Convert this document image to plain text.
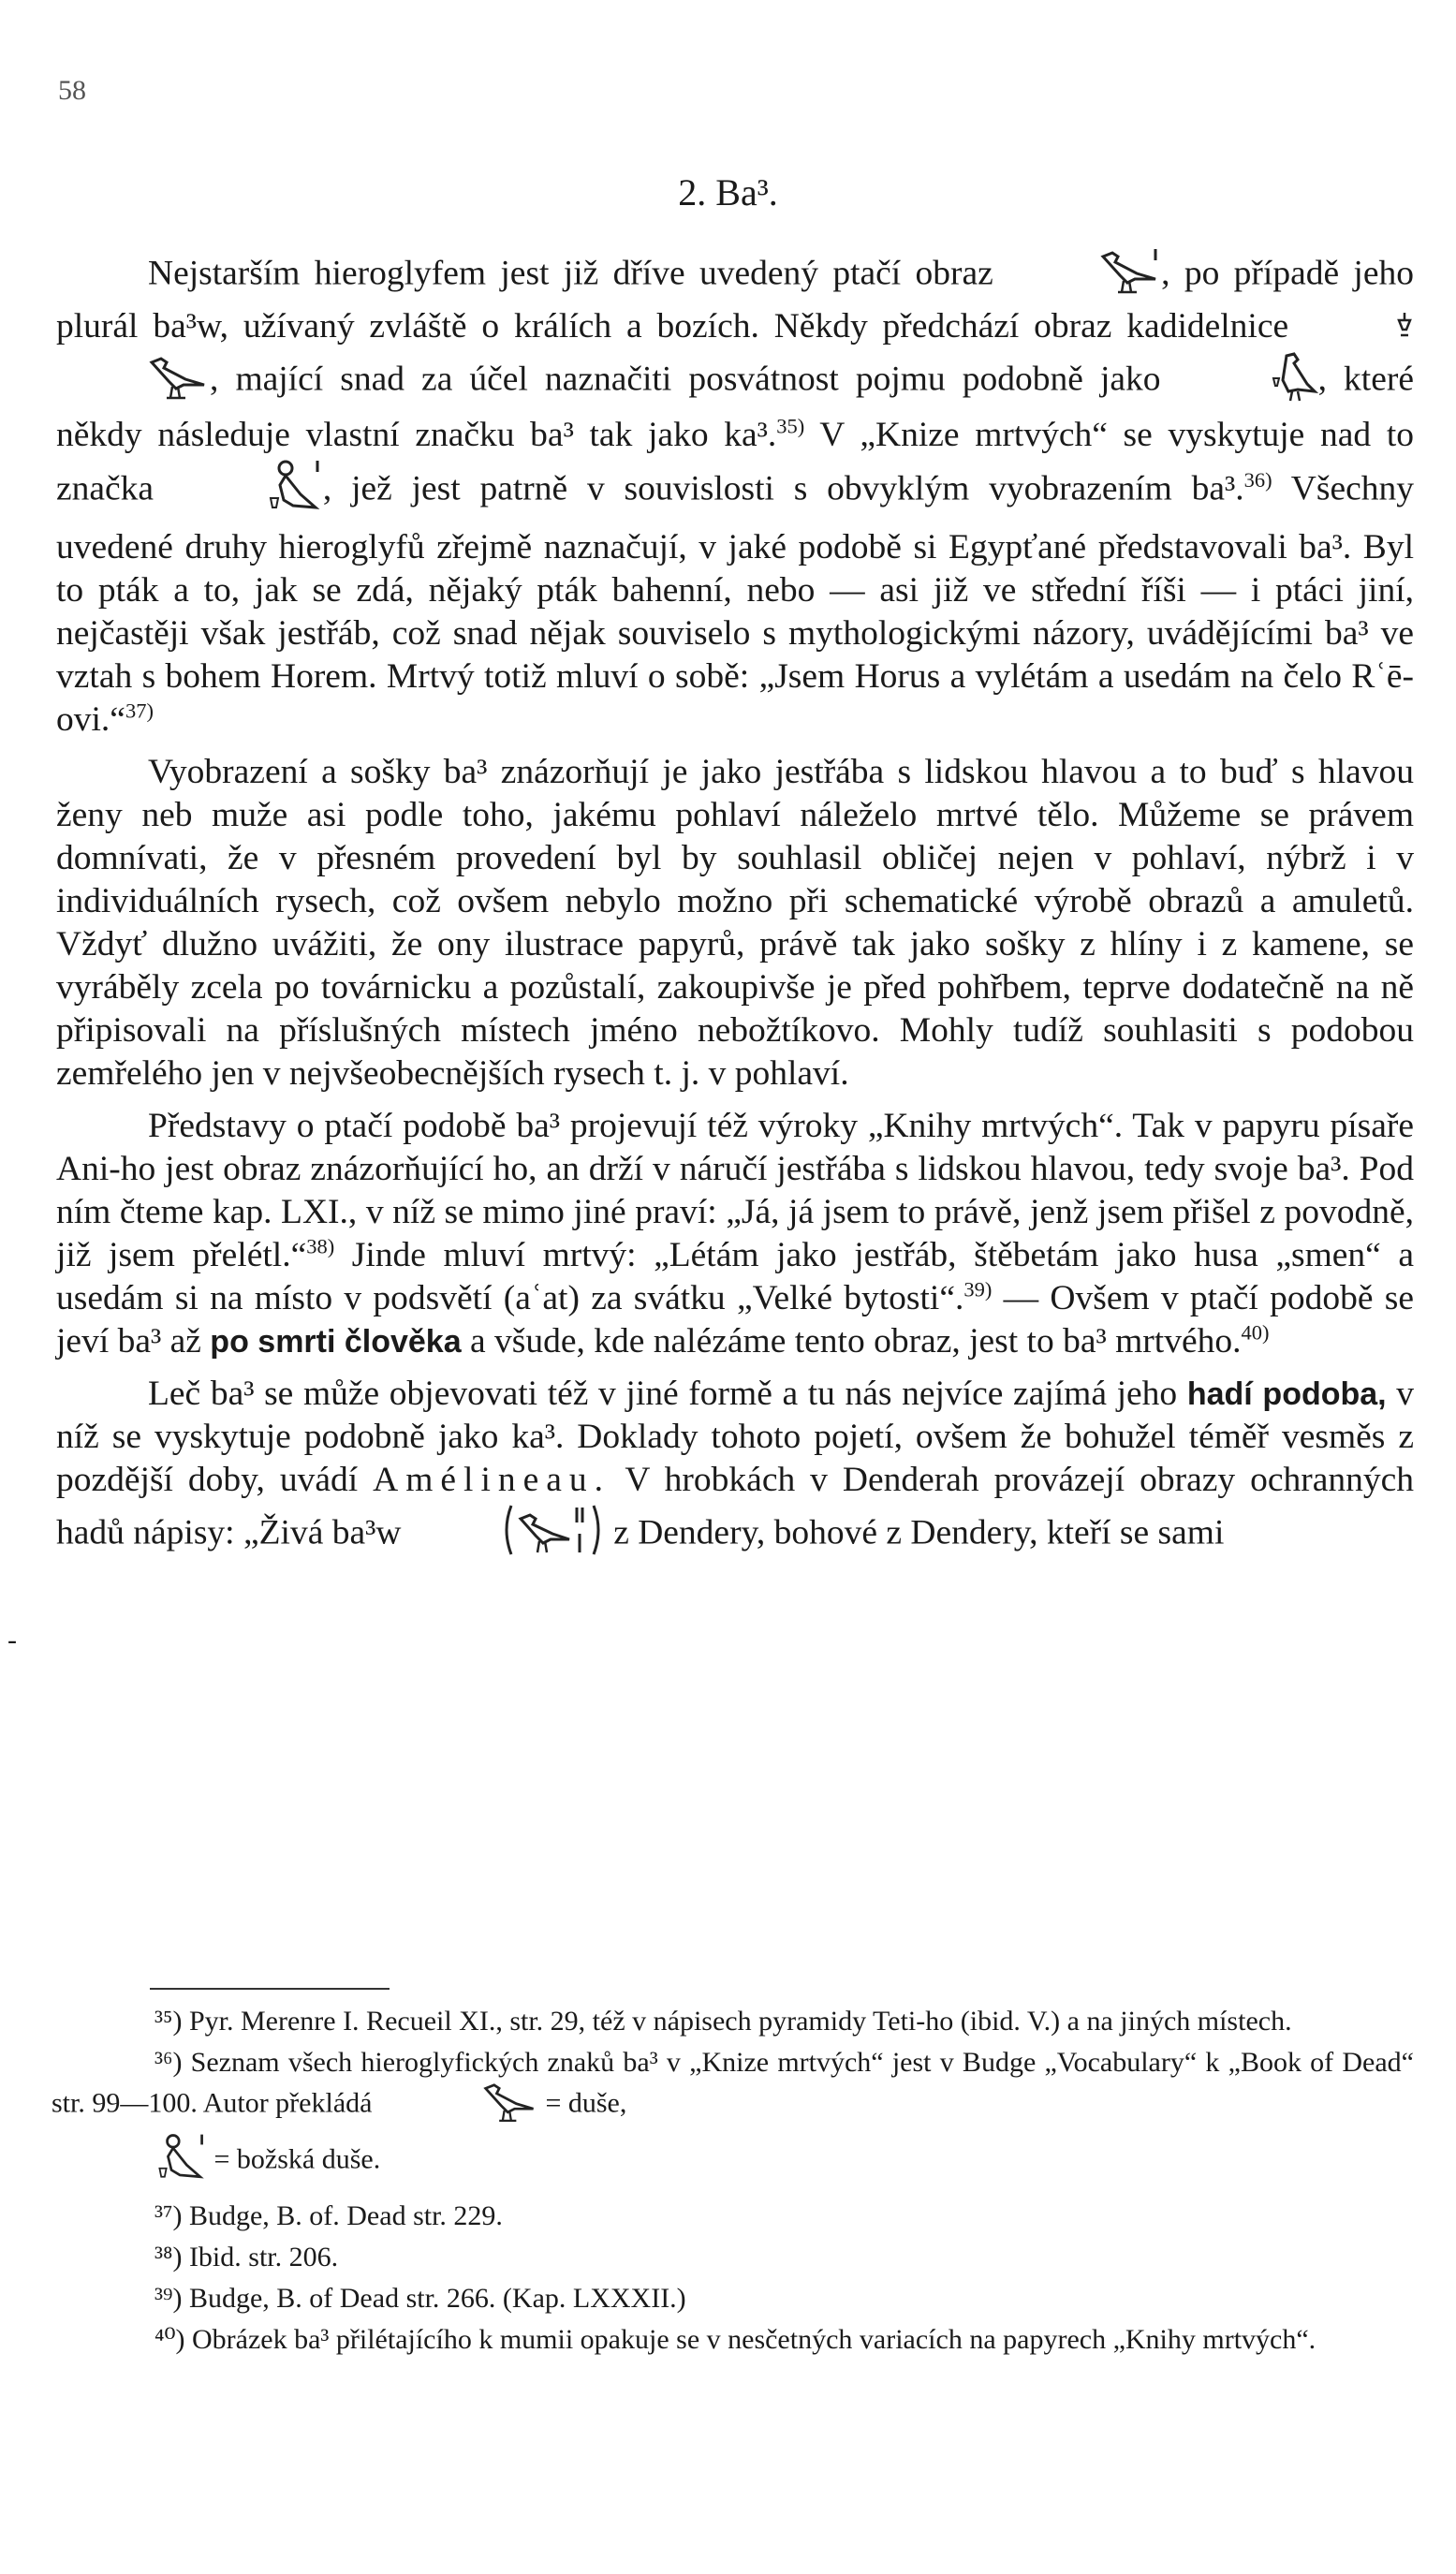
58
2. Ba³.

Nejstarším hieroglyfem jest již dříve uvedený ptačí obraz	, po případě jeho plurál ba³w, užívaný zvláště o králích a bozích. Někdy předchází obraz kadidelnice  , mající snad za účel naznačiti posvátnost pojmu podobně jako	, které někdy následuje vlastní značku ba³ tak jako ka³.$^{35)}$ V „Knize mrtvých“ se vyskytuje nad to značka	, jež jest patrně v souvislosti s obvyklým vyobrazením ba³.$^{36)}$ Všechny uvedené druhy hieroglyfů zřejmě naznačují, v jaké podobě si Egypťané představovali ba³. Byl to pták a to, jak se zdá, nějaký pták bahenní, nebo — asi již ve střední říši — i ptáci jiní, nejčastěji však jestřáb, což snad nějak souviselo s mythologickými názory, uvádějícími ba³ ve vztah s bohem Horem. Mrtvý totiž mluví o sobě: „Jsem Horus a vylétám a usedám na čelo Rʿē-ovi.“$^{37)}$

Vyobrazení a sošky ba³ znázorňují je jako jestřába s lidskou hlavou a to buď s hlavou ženy neb muže asi podle toho, jakému pohlaví náleželo mrtvé tělo. Můžeme se právem domnívati, že v přesném provedení byl by souhlasil obličej nejen v pohlaví, nýbrž i v individuálních rysech, což ovšem nebylo možno při schematické výrobě obrazů a amuletů. Vždyť dlužno uvážiti, že ony ilustrace papyrů, právě tak jako sošky z hlíny i z kamene, se vyráběly zcela po továrnicku a pozůstalí, zakoupivše je před pohřbem, teprve dodatečně na ně připisovali na příslušných místech jméno nebožtíkovo. Mohly tudíž souhlasiti s podobou zemřelého jen v nejvšeobecnějších rysech t. j. v pohlaví.

Představy o ptačí podobě ba³ projevují též výroky „Knihy mrtvých“. Tak v papyru písaře Ani-ho jest obraz znázorňující ho, an drží v náručí jestřába s lidskou hlavou, tedy svoje ba³. Pod ním čteme kap. LXI., v níž se mimo jiné praví: „Já, já jsem to právě, jenž jsem přišel z povodně, již jsem přelétl.“$^{38)}$ Jinde mluví mrtvý: „Létám jako jestřáb, štěbetám jako husa „smen“ a usedám si na místo v podsvětí (aʿat) za svátku „Velké bytosti“.$^{39)}$ — Ovšem v ptačí podobě se jeví ba³ až po smrti člověka a všude, kde nalézáme tento obraz, jest to ba³ mrtvého.$^{40)}$

Leč ba³ se může objevovati též v jiné formě a tu nás nejvíce zajímá jeho hadí podoba, v níž se vyskytuje podobně jako ka³. Doklady tohoto pojetí, ovšem že bohužel téměř vesměs z pozdější doby, uvádí Amélineau. V hrobkách v Denderah provázejí obrazy ochranných hadů nápisy: „Živá ba³w	z Dendery, bohové z Dendery, kteří se sami

-

³⁵) Pyr. Merenre I. Recueil XI., str. 29, též v nápisech pyramidy Teti-ho (ibid. V.) a na jiných místech.

³⁶) Seznam všech hieroglyfických znaků ba³ v „Knize mrtvých“ jest v Budge „Vocabulary“ k „Book of Dead“ str. 99—100. Autor překládá	= duše,
= božská duše.

³⁷) Budge, B. of. Dead str. 229.

³⁸) Ibid. str. 206.

³⁹) Budge, B. of Dead str. 266. (Kap. LXXXII.)

⁴⁰) Obrázek ba³ přilétajícího k mumii opakuje se v nesčetných variacích na papyrech „Knihy mrtvých“.
